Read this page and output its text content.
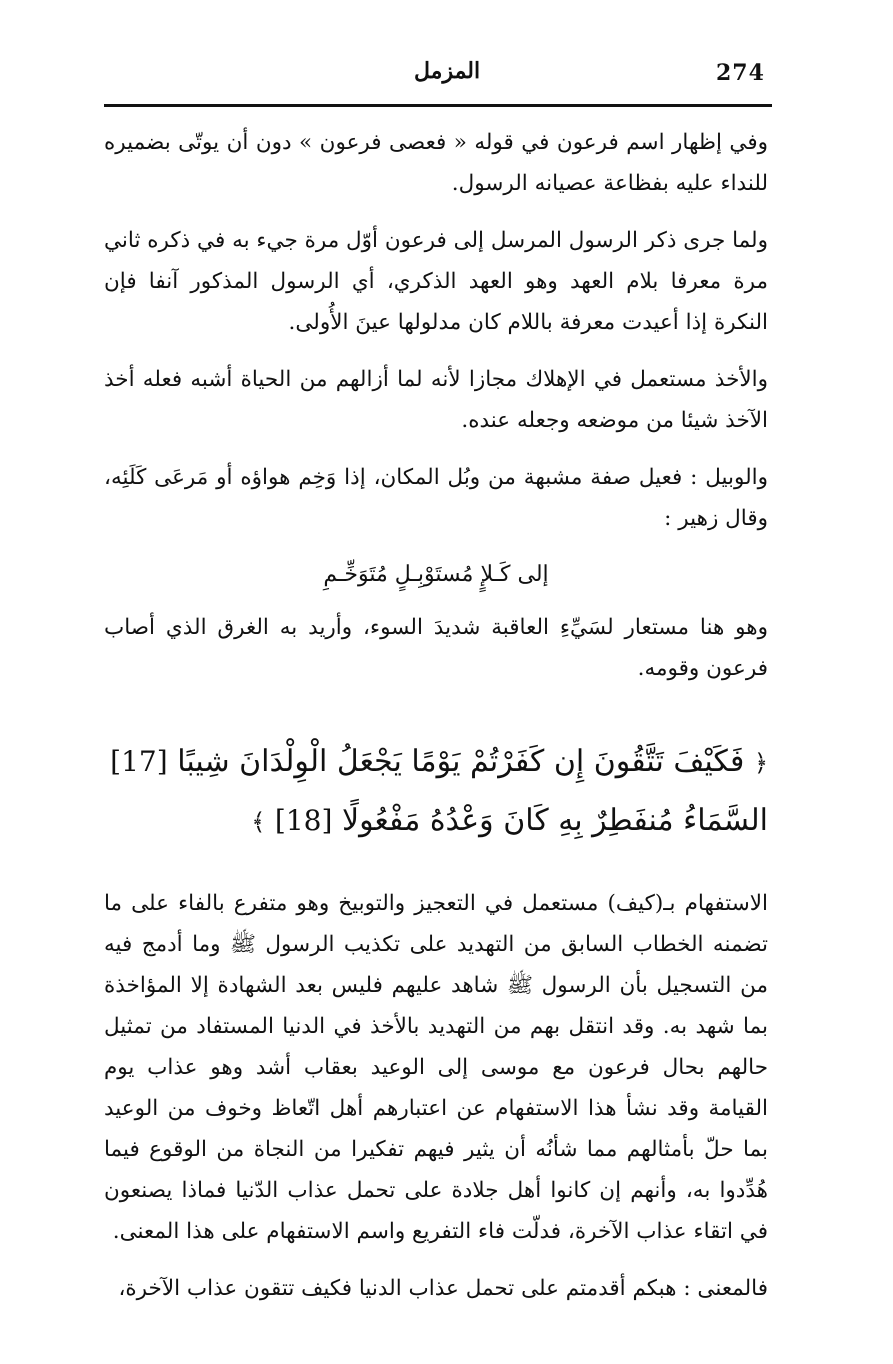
274
المزمل

وفي إظهار اسم فرعون في قوله « فعصى فرعون » دون أن يوتّى بضميره للنداء عليه بفظاعة عصيانه الرسول.

ولما جرى ذكر الرسول المرسل إلى فرعون أوّل مرة جيء به في ذكره ثاني مرة معرفا بلام العهد وهو العهد الذكري، أي الرسول المذكور آنفا فإن النكرة إذا أعيدت معرفة باللام كان مدلولها عينَ الأُولى.

والأخذ مستعمل في الإهلاك مجازا لأنه لما أزالهم من الحياة أشبه فعله أخذ الآخذ شيئا من موضعه وجعله عنده.

والوبيل : فعيل صفة مشبهة من وبُل المكان، إذا وَخِم هواؤه أو مَرعَى كَلَئِه، وقال زهير :

إلى كَـلإٍ مُستَوْبِـلٍ مُتَوَخِّـمِ

وهو هنا مستعار لسَيِّءِ العاقبة شديدَ السوء، وأريد به الغرق الذي أصاب فرعون وقومه.

﴿ فَكَيْفَ تَتَّقُونَ إِن كَفَرْتُمْ يَوْمًا يَجْعَلُ الْوِلْدَانَ شِيبًا [17] السَّمَاءُ مُنفَطِرٌ بِهِ كَانَ وَعْدُهُ مَفْعُولًا [18] ﴾

الاستفهام بـ(كيف) مستعمل في التعجيز والتوبيخ وهو متفرع بالفاء على ما تضمنه الخطاب السابق من التهديد على تكذيب الرسول ﷺ وما أدمج فيه من التسجيل بأن الرسول ﷺ شاهد عليهم فليس بعد الشهادة إلا المؤاخذة بما شهد به. وقد انتقل بهم من التهديد بالأخذ في الدنيا المستفاد من تمثيل حالهم بحال فرعون مع موسى إلى الوعيد بعقاب أشد وهو عذاب يوم القيامة وقد نشأ هذا الاستفهام عن اعتبارهم أهل اتّعاظ وخوف من الوعيد بما حلّ بأمثالهم مما شأنُه أن يثير فيهم تفكيرا من النجاة من الوقوع فيما هُدِّدوا به، وأنهم إن كانوا أهل جلادة على تحمل عذاب الدّنيا فماذا يصنعون في اتقاء عذاب الآخرة، فدلّت فاء التفريع واسم الاستفهام على هذا المعنى.

فالمعنى : هبكم أقدمتم على تحمل عذاب الدنيا فكيف تتقون عذاب الآخرة،
